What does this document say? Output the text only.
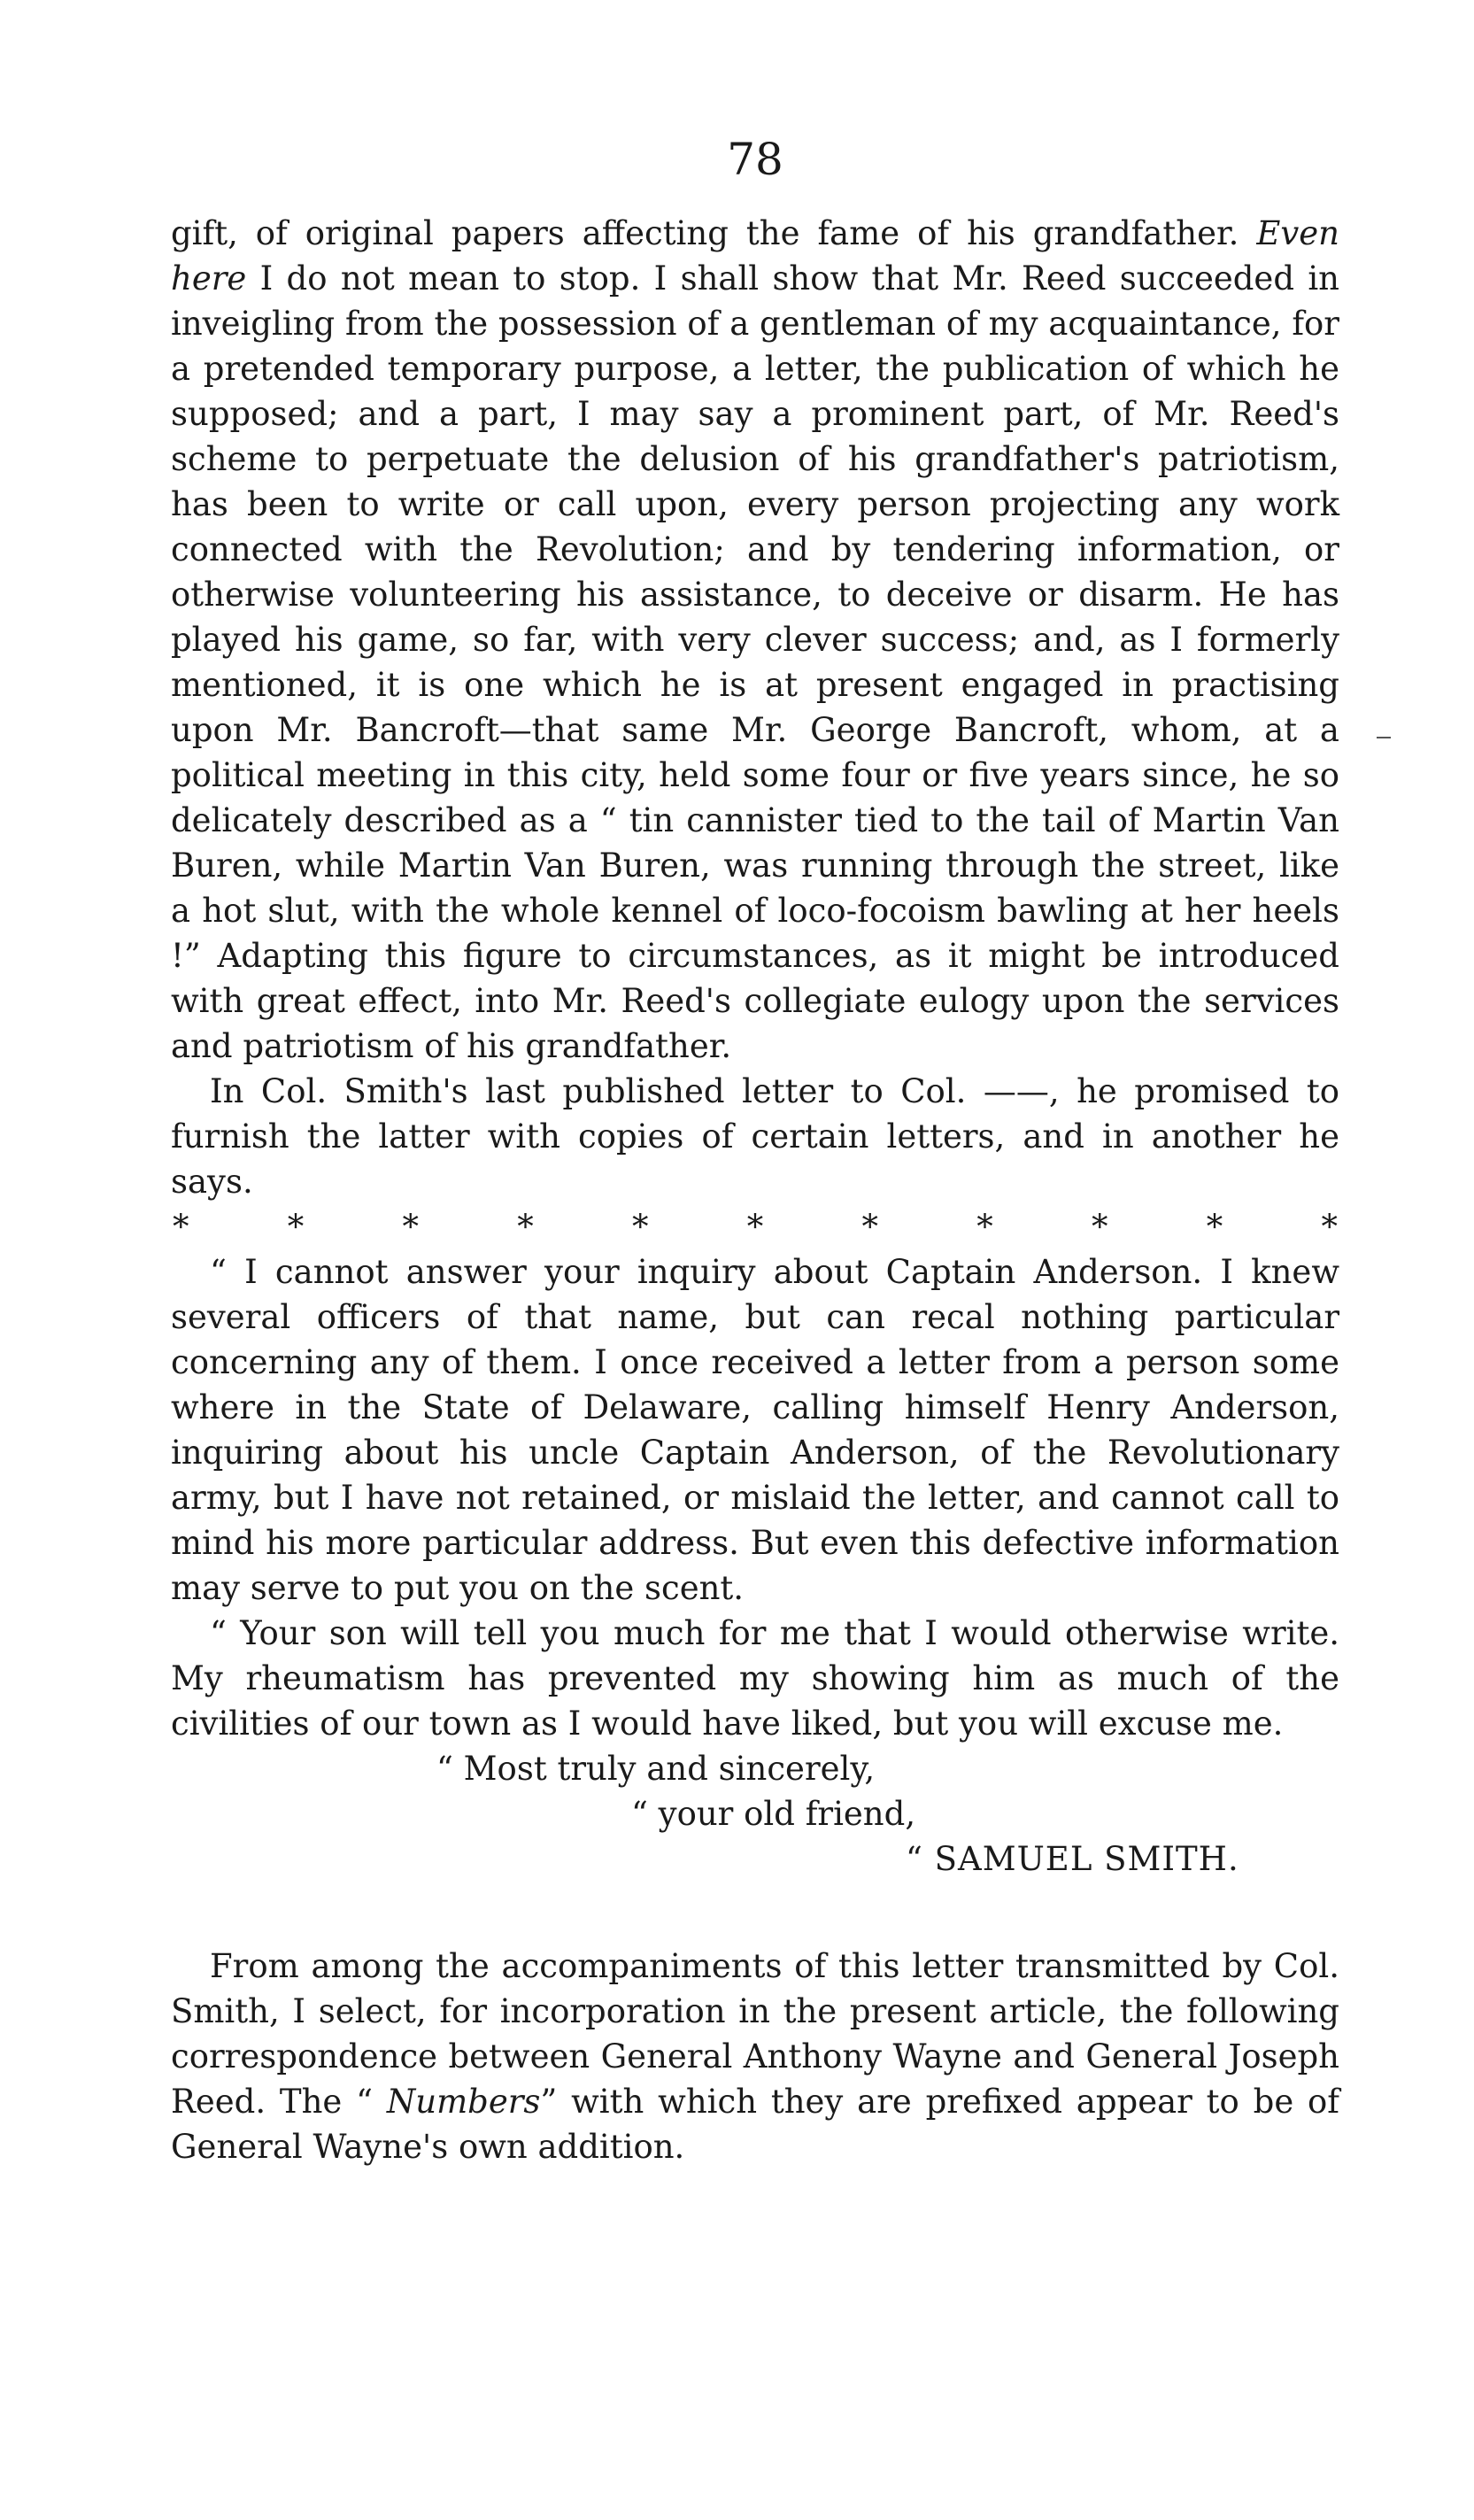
78

gift, of original papers affecting the fame of his grandfather. Even here I do not mean to stop. I shall show that Mr. Reed succeeded in inveigling from the possession of a gentleman of my acquaintance, for a pretended temporary purpose, a letter, the publication of which he supposed; and a part, I may say a prominent part, of Mr. Reed's scheme to perpetuate the delusion of his grandfather's patriotism, has been to write or call upon, every person projecting any work connected with the Revolution; and by tendering information, or otherwise volunteering his assistance, to deceive or disarm. He has played his game, so far, with very clever success; and, as I formerly mentioned, it is one which he is at present engaged in practising upon Mr. Bancroft—that same Mr. George Bancroft, whom, at a political meeting in this city, held some four or five years since, he so delicately described as a “ tin cannister tied to the tail of Martin Van Buren, while Martin Van Buren, was running through the street, like a hot slut, with the whole kennel of loco-focoism bawling at her heels !” Adapting this figure to circumstances, as it might be introduced with great effect, into Mr. Reed's collegiate eulogy upon the services and patriotism of his grandfather.

In Col. Smith's last published letter to Col. ——, he promised to furnish the latter with copies of certain letters, and in another he says.

*	*	*	*	*	*	*	*	*	*	*

“ I cannot answer your inquiry about Captain Anderson. I knew several officers of that name, but can recal nothing particular concerning any of them. I once received a letter from a person some where in the State of Delaware, calling himself Henry Anderson, inquiring about his uncle Captain Anderson, of the Revolutionary army, but I have not retained, or mislaid the letter, and cannot call to mind his more particular address. But even this defective information may serve to put you on the scent.

“ Your son will tell you much for me that I would otherwise write. My rheumatism has prevented my showing him as much of the civilities of our town as I would have liked, but you will excuse me.

“ Most truly and sincerely,

“ your old friend,

“ SAMUEL SMITH.

From among the accompaniments of this letter transmitted by Col. Smith, I select, for incorporation in the present article, the following correspondence between General Anthony Wayne and General Joseph Reed. The “ Numbers” with which they are prefixed appear to be of General Wayne's own addition.
